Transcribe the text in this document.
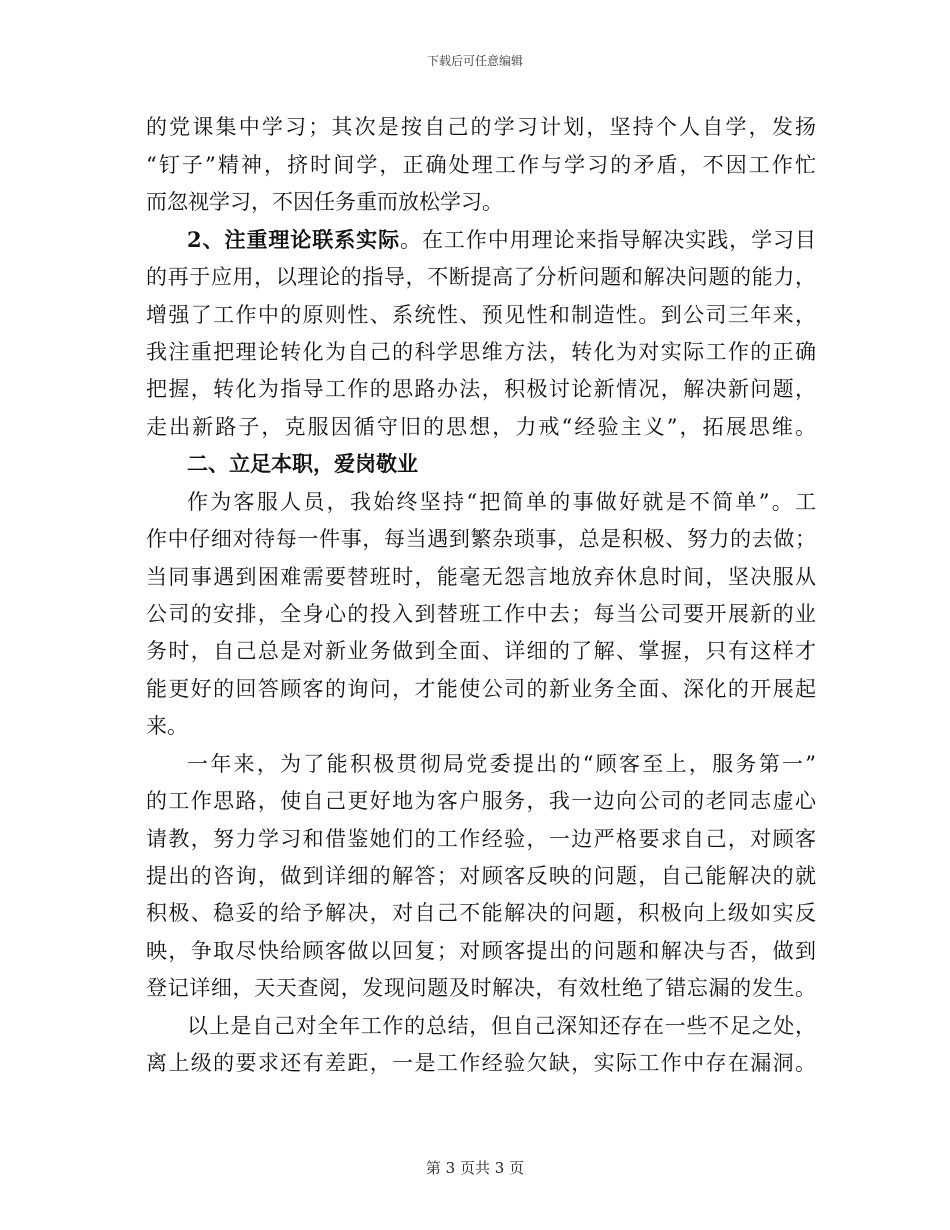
下载后可任意编辑
的党课集中学习；其次是按自己的学习计划，坚持个人自学，发扬
“钉子”精神，挤时间学，正确处理工作与学习的矛盾，不因工作忙
而忽视学习，不因任务重而放松学习。
2、注重理论联系实际。在工作中用理论来指导解决实践，学习目
的再于应用，以理论的指导，不断提高了分析问题和解决问题的能力，
增强了工作中的原则性、系统性、预见性和制造性。到公司三年来，
我注重把理论转化为自己的科学思维方法，转化为对实际工作的正确
把握，转化为指导工作的思路办法，积极讨论新情况，解决新问题，
走出新路子，克服因循守旧的思想，力戒“经验主义”，拓展思维。
二、立足本职，爱岗敬业
作为客服人员，我始终坚持“把简单的事做好就是不简单”。工
作中仔细对待每一件事，每当遇到繁杂琐事，总是积极、努力的去做；
当同事遇到困难需要替班时，能毫无怨言地放弃休息时间，坚决服从
公司的安排，全身心的投入到替班工作中去；每当公司要开展新的业
务时，自己总是对新业务做到全面、详细的了解、掌握，只有这样才
能更好的回答顾客的询问，才能使公司的新业务全面、深化的开展起
来。
一年来，为了能积极贯彻局党委提出的“顾客至上，服务第一”
的工作思路，使自己更好地为客户服务，我一边向公司的老同志虚心
请教，努力学习和借鉴她们的工作经验，一边严格要求自己，对顾客
提出的咨询，做到详细的解答；对顾客反映的问题，自己能解决的就
积极、稳妥的给予解决，对自己不能解决的问题，积极向上级如实反
映，争取尽快给顾客做以回复；对顾客提出的问题和解决与否，做到
登记详细，天天查阅，发现问题及时解决，有效杜绝了错忘漏的发生。
以上是自己对全年工作的总结，但自己深知还存在一些不足之处，
离上级的要求还有差距，一是工作经验欠缺，实际工作中存在漏洞。
第 3 页共 3 页
